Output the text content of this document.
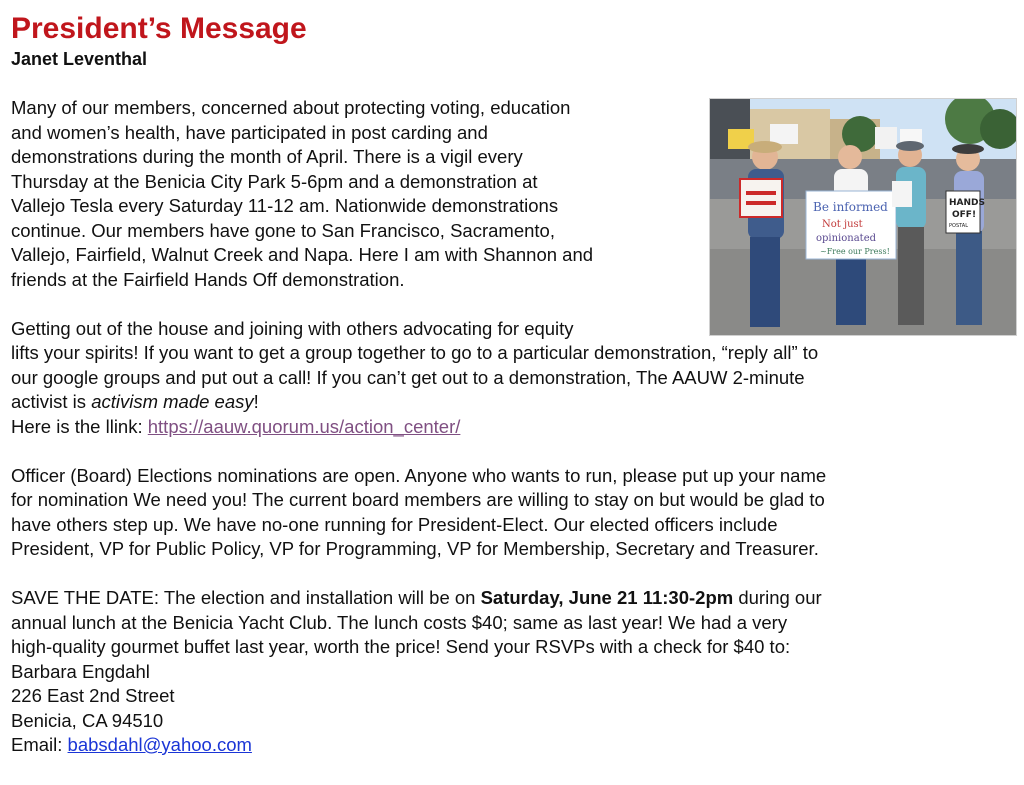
President’s Message

Janet Leventhal

Many of our members, concerned about protecting voting, education
and women’s health, have participated in post carding and
demonstrations during the month of April. There is a vigil every
Thursday at the Benicia City Park 5-6pm and a demonstration at
Vallejo Tesla every Saturday 11-12 am. Nationwide demonstrations
continue. Our members have gone to San Francisco, Sacramento,
Vallejo, Fairfield, Walnut Creek and Napa. Here I am with Shannon and
friends at the Fairfield Hands Off demonstration.
Getting out of the house and joining with others advocating for equity
lifts your spirits! If you want to get a group together to go to a particular demonstration, “reply all” to
our google groups and put out a call! If you can’t get out to a demonstration, The AAUW 2-minute
activist is activism made easy!
Here is the llink: https://aauw.quorum.us/action_center/
Officer (Board) Elections nominations are open. Anyone who wants to run, please put up your name
for nomination We need you! The current board members are willing to stay on but would be glad to
have others step up. We have no-one running for President-Elect. Our elected officers include
President, VP for Public Policy, VP for Programming, VP for Membership, Secretary and Treasurer.
SAVE THE DATE: The election and installation will be on Saturday, June 21 11:30-2pm during our
annual lunch at the Benicia Yacht Club. The lunch costs $40; same as last year! We had a very
high-quality gourmet buffet last year, worth the price! Send your RSVPs with a check for $40 to:
Barbara Engdahl
226 East 2nd Street
Benicia, CA 94510
Email: babsdahl@yahoo.com
Be informed
Not just
opinionated
~Free our Press!
HANDS
OFF!
POSTAL
